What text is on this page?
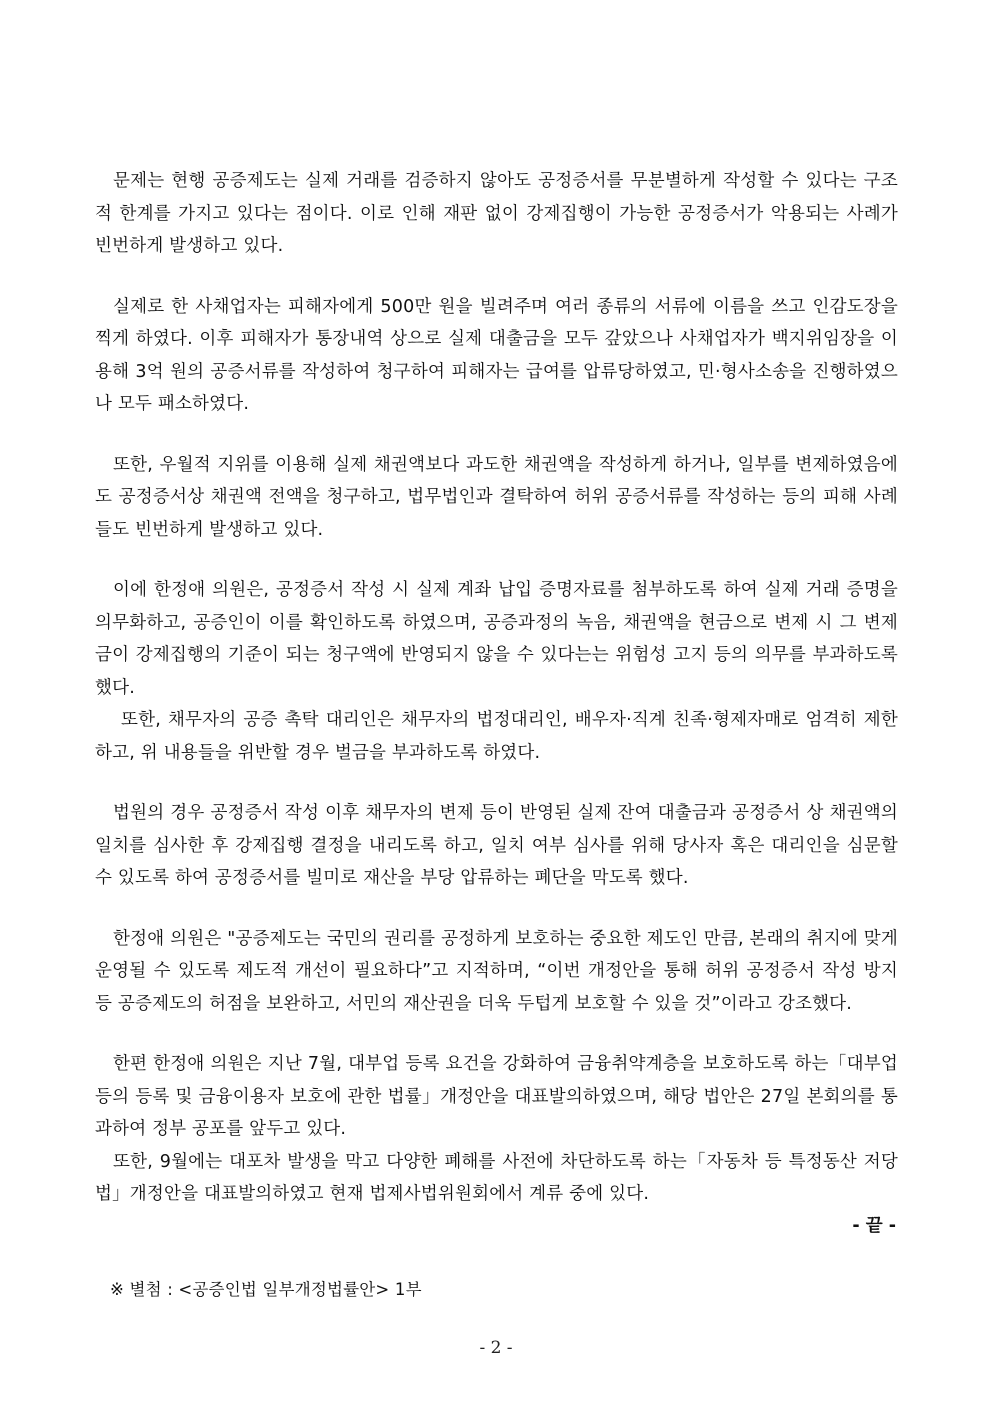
문제는 현행 공증제도는 실제 거래를 검증하지 않아도 공정증서를 무분별하게 작성할 수 있다는 구조적 한계를 가지고 있다는 점이다. 이로 인해 재판 없이 강제집행이 가능한 공정증서가 악용되는 사례가 빈번하게 발생하고 있다.

실제로 한 사채업자는 피해자에게 500만 원을 빌려주며 여러 종류의 서류에 이름을 쓰고 인감도장을 찍게 하였다. 이후 피해자가 통장내역 상으로 실제 대출금을 모두 갚았으나 사채업자가 백지위임장을 이용해 3억 원의 공증서류를 작성하여 청구하여 피해자는 급여를 압류당하였고, 민·형사소송을 진행하였으나 모두 패소하였다.

또한, 우월적 지위를 이용해 실제 채권액보다 과도한 채권액을 작성하게 하거나, 일부를 변제하였음에도 공정증서상 채권액 전액을 청구하고, 법무법인과 결탁하여 허위 공증서류를 작성하는 등의 피해 사례들도 빈번하게 발생하고 있다.

이에 한정애 의원은, 공정증서 작성 시 실제 계좌 납입 증명자료를 첨부하도록 하여 실제 거래 증명을 의무화하고, 공증인이 이를 확인하도록 하였으며, 공증과정의 녹음, 채권액을 현금으로 변제 시 그 변제금이 강제집행의 기준이 되는 청구액에 반영되지 않을 수 있다는는 위험성 고지 등의 의무를 부과하도록 했다.

또한, 채무자의 공증 촉탁 대리인은 채무자의 법정대리인, 배우자·직계 친족·형제자매로 엄격히 제한하고, 위 내용들을 위반할 경우 벌금을 부과하도록 하였다.

법원의 경우 공정증서 작성 이후 채무자의 변제 등이 반영된 실제 잔여 대출금과 공정증서 상 채권액의 일치를 심사한 후 강제집행 결정을 내리도록 하고, 일치 여부 심사를 위해 당사자 혹은 대리인을 심문할 수 있도록 하여 공정증서를 빌미로 재산을 부당 압류하는 폐단을 막도록 했다.

한정애 의원은 "공증제도는 국민의 권리를 공정하게 보호하는 중요한 제도인 만큼, 본래의 취지에 맞게 운영될 수 있도록 제도적 개선이 필요하다”고 지적하며, “이번 개정안을 통해 허위 공정증서 작성 방지 등 공증제도의 허점을 보완하고, 서민의 재산권을 더욱 두텁게 보호할 수 있을 것”이라고 강조했다.

한편 한정애 의원은 지난 7월, 대부업 등록 요건을 강화하여 금융취약계층을 보호하도록 하는「대부업 등의 등록 및 금융이용자 보호에 관한 법률」개정안을 대표발의하였으며, 해당 법안은 27일 본회의를 통과하여 정부 공포를 앞두고 있다.

또한, 9월에는 대포차 발생을 막고 다양한 폐해를 사전에 차단하도록 하는「자동차 등 특정동산 저당법」개정안을 대표발의하였고 현재 법제사법위원회에서 계류 중에 있다.

- 끝 -

※ 별첨 : <공증인법 일부개정법률안> 1부
- 2 -
